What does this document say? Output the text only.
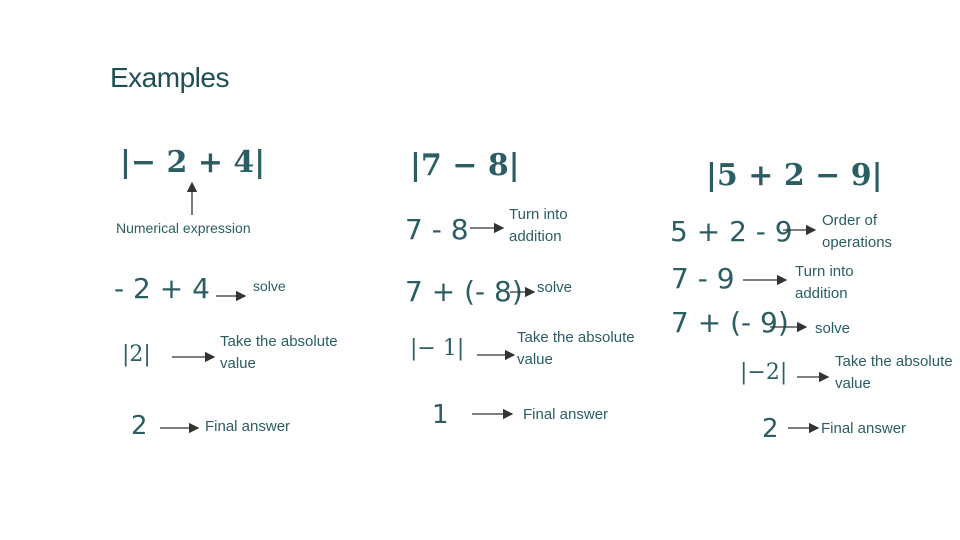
Examples
|− 2 + 4|
Numerical expression
- 2 + 4	solve
|2|
Take the absolute value
2	Final answer
|7 − 8|
7 - 8	Turn into addition
7 + (- 8) solve
|− 1|	Take the absolute value
1	Final answer
|5 + 2 − 9|
5 + 2 - 9 Order of operations
7 - 9	Turn into addition
7 + (- 9) solve
|−2|	Take the absolute value
2	Final answer
